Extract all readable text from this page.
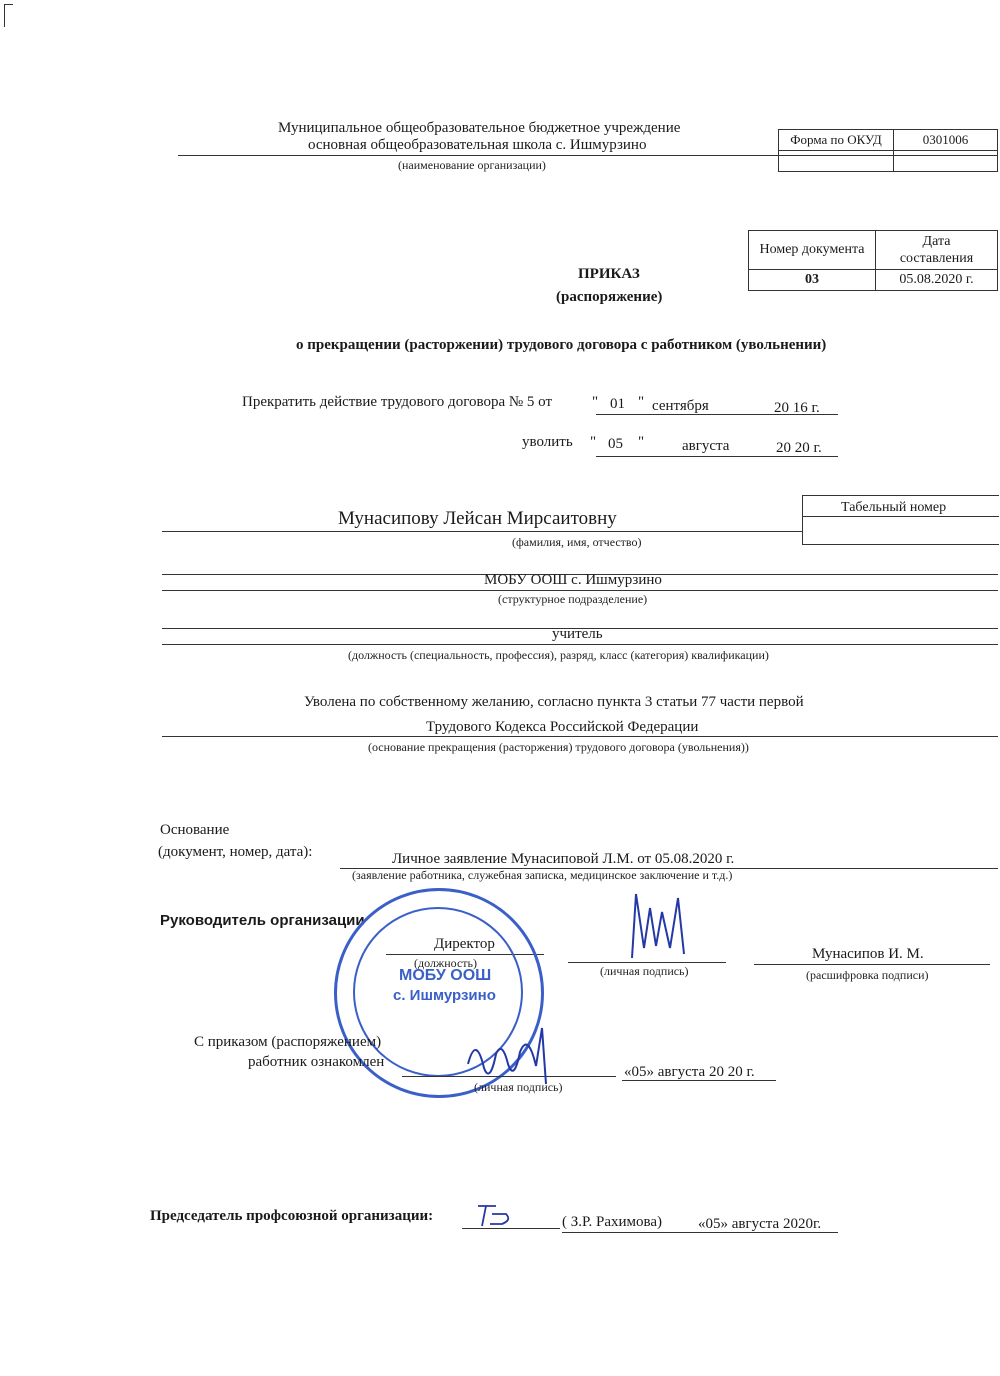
Муниципальное общеобразовательное бюджетное учреждение
основная общеобразовательная школа с. Ишмурзино
(наименование организации)
Форма по ОКУД	0301006

Номер документа	Дата
составления

03	05.08.2020 г.
ПРИКАЗ
(распоряжение)
о прекращении (расторжении) трудового договора с работником (увольнении)
Прекратить действие трудового договора № 5 от	" 01 " сентября	20 16 г.
уволить " 05 "	августа	20 20 г.
Мунасипову Лейсан Мирсаитовну
(фамилия, имя, отчество)
Табельный номер
МОБУ ООШ с. Ишмурзино
(структурное подразделение)
учитель
(должность (специальность, профессия), разряд, класс (категория) квалификации)
Уволена по собственному желанию, согласно пункта 3 статьи 77 части первой
Трудового Кодекса Российской Федерации
(основание прекращения (расторжения) трудового договора (увольнения))
Основание
(документ, номер, дата):	Личное заявление Мунасиповой Л.М. от 05.08.2020 г.
(заявление работника, служебная записка, медицинское заключение и т.д.)
Руководитель организации
Директор
(должность)
(личная подпись)
Мунасипов И. М.
(расшифровка подписи)
МОБУ ООШ
с. Ишмурзино
С приказом (распоряжением)
работник ознакомлен
(личная подпись)
«05» августа 20 20 г.
Председатель профсоюзной организации:	( З.Р. Рахимова) «05» августа 2020г.
